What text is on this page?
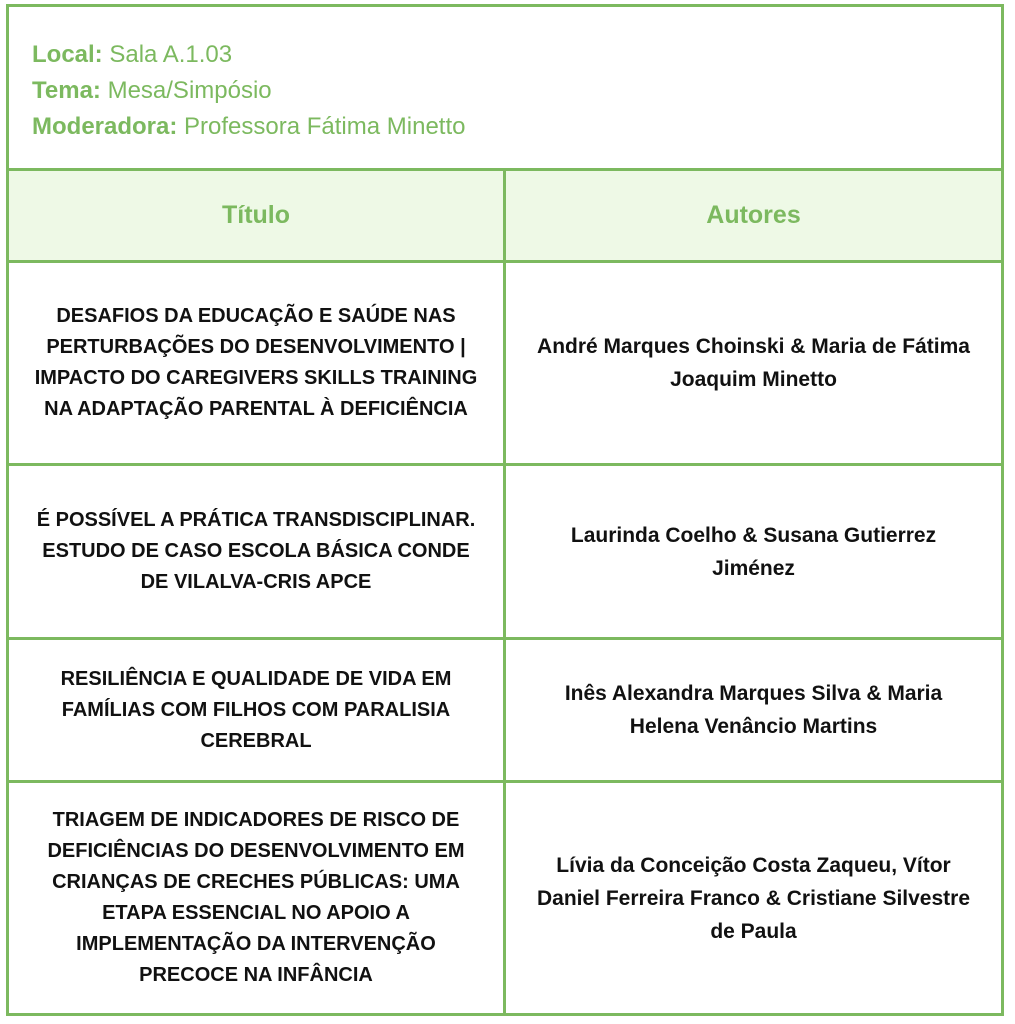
Local: Sala A.1.03
Tema: Mesa/Simpósio
Moderadora: Professora Fátima Minetto
Título	Autores
DESAFIOS DA EDUCAÇÃO E SAÚDE NAS PERTURBAÇÕES DO DESENVOLVIMENTO | IMPACTO DO CAREGIVERS SKILLS TRAINING NA ADAPTAÇÃO PARENTAL À DEFICIÊNCIA
André Marques Choinski & Maria de Fátima Joaquim Minetto
É POSSÍVEL A PRÁTICA TRANSDISCIPLINAR. ESTUDO DE CASO ESCOLA BÁSICA CONDE DE VILALVA-CRIS APCE
Laurinda Coelho & Susana Gutierrez Jiménez
RESILIÊNCIA E QUALIDADE DE VIDA EM FAMÍLIAS COM FILHOS COM PARALISIA CEREBRAL
Inês Alexandra Marques Silva & Maria Helena Venâncio Martins
TRIAGEM DE INDICADORES DE RISCO DE DEFICIÊNCIAS DO DESENVOLVIMENTO EM CRIANÇAS DE CRECHES PÚBLICAS: UMA ETAPA ESSENCIAL NO APOIO A IMPLEMENTAÇÃO DA INTERVENÇÃO PRECOCE NA INFÂNCIA
Lívia da Conceição Costa Zaqueu, Vítor Daniel Ferreira Franco & Cristiane Silvestre de Paula
